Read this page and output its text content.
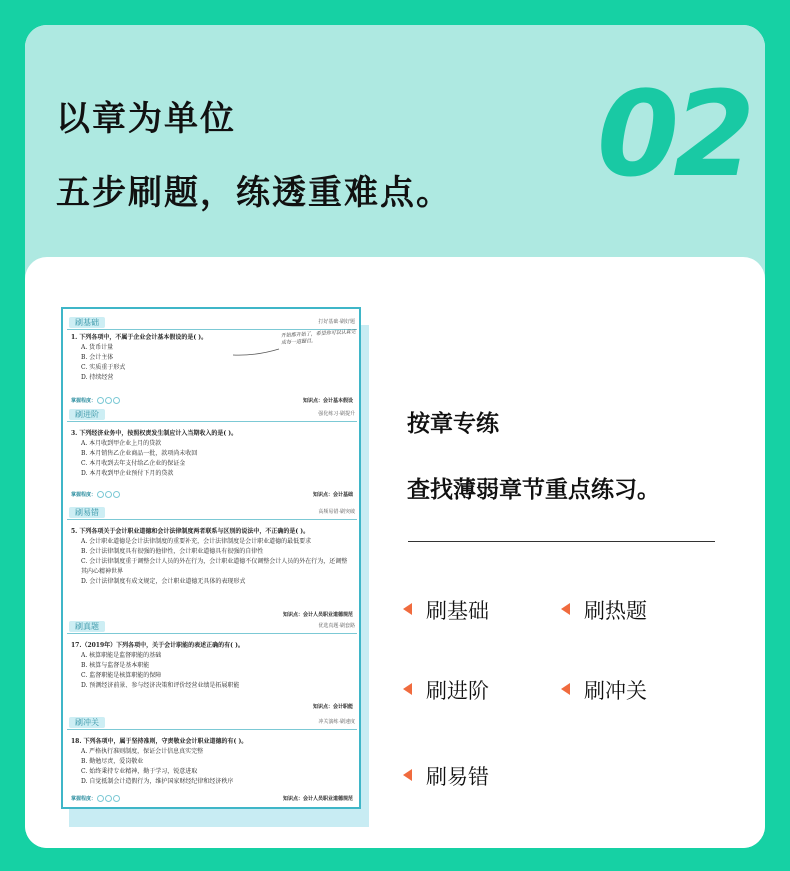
以章为单位
五步刷题，练透重难点。 02
刷基础	打好基础·刷好题
1. 下列各项中，不属于企业会计基本假设的是( )。
A. 货币计量
B. 会计主体
C. 实质重于形式
D. 持续经营
开始都开始了，希望你可以认真完成每一道题目。
掌握程度：	知识点：会计基本假设
刷进阶	强化练习·刷提升
3. 下列经济业务中，按照权责发生制应计入当期收入的是( )。
A. 本月收到甲企业上月的贷款
B. 本月销售乙企业商品一批，款项尚未收回
C. 本月收到去年支付给乙企业的保证金
D. 本月收到甲企业预付下月的贷款
掌握程度：	知识点：会计基础
刷易错	高频易错·刷突破
5. 下列各项关于会计职业道德和会计法律制度两者联系与区别的说法中，不正确的是( )。
A. 会计职业道德是会计法律制度的重要补充，会计法律制度是会计职业道德的最低要求
B. 会计法律制度具有很强的他律性，会计职业道德具有很强的自律性
C. 会计法律制度重于调整会计人员的外在行为，会计职业道德不仅调整会计人员的外在行为，还调整其内心精神世界
D. 会计法律制度有成文规定，会计职业道德无具体的表现形式
知识点：会计人员职业道德规范
刷真题	优选真题·刷套路
17.（2019年）下列各项中，关于会计职能的表述正确的有( )。
A. 核算职能是监督职能的基础
B. 核算与监督是基本职能
C. 监督职能是核算职能的保障
D. 预测经济前景、参与经济决策和评价经营业绩是拓展职能
知识点：会计职能
刷冲关	冲关演练·刷速度
18. 下列各项中，属于坚持准则，守责敬业会计职业道德的有( )。
A. 严格执行准则制度，保证会计信息真实完整
B. 勤勉尽责，爱岗敬业
C. 始终秉持专业精神，勤于学习，锐意进取
D. 自觉抵制会计造假行为，维护国家财经纪律和经济秩序
掌握程度：	知识点：会计人员职业道德规范
按章专练
查找薄弱章节重点练习。
刷基础	刷热题
刷进阶	刷冲关
刷易错
